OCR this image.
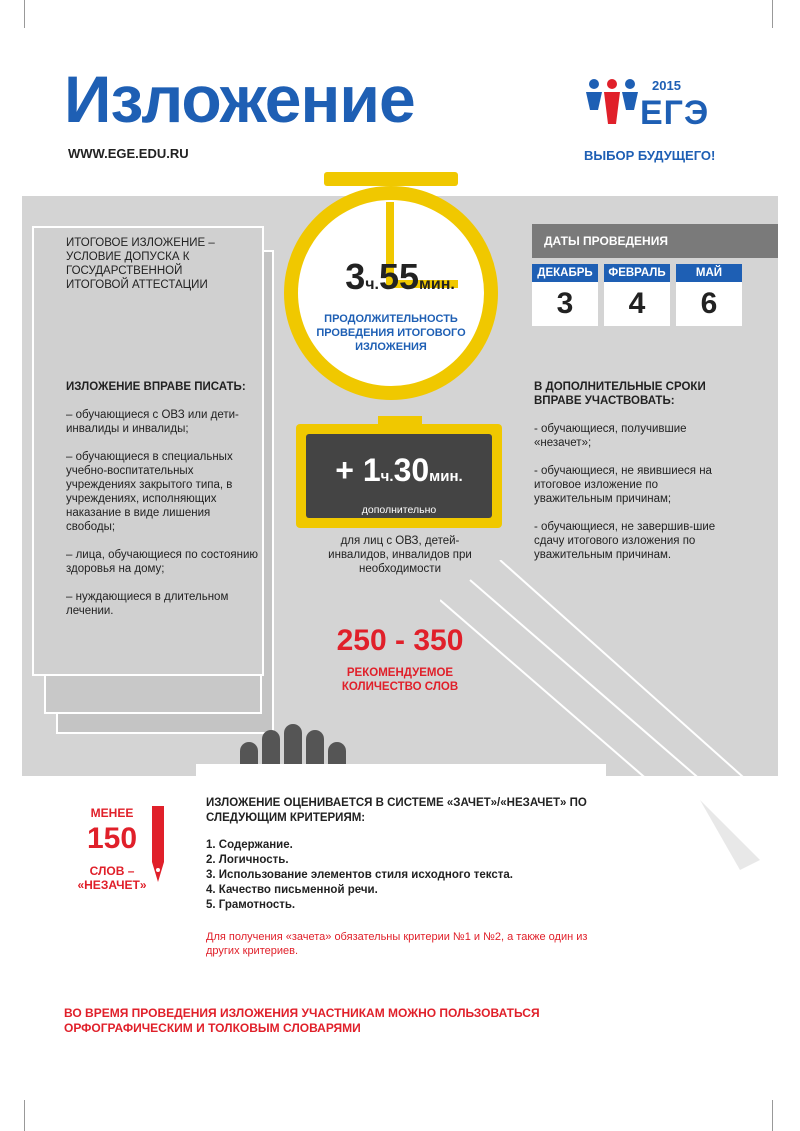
Изложение
WWW.EGE.EDU.RU
2015
ЕГЭ
ВЫБОР БУДУЩЕГО!
ИТОГОВОЕ ИЗЛОЖЕНИЕ – УСЛОВИЕ ДОПУСКА К ГОСУДАРСТВЕННОЙ ИТОГОВОЙ АТТЕСТАЦИИ
ИЗЛОЖЕНИЕ ВПРАВЕ ПИСАТЬ:
– обучающиеся с ОВЗ или дети-инвалиды и инвалиды;
– обучающиеся в специальных учебно-воспитательных учреждениях закрытого типа, в учреждениях, исполняющих наказание в виде лишения свободы;
– лица, обучающиеся по состоянию здоровья на дому;
– нуждающиеся в длительном лечении.
3ч.55мин.
ПРОДОЛЖИТЕЛЬНОСТЬ ПРОВЕДЕНИЯ ИТОГОВОГО ИЗЛОЖЕНИЯ
+ 1ч.30мин.
дополнительно
для лиц с ОВЗ, детей-инвалидов, инвалидов при необходимости
250 - 350
РЕКОМЕНДУЕМОЕ КОЛИЧЕСТВО СЛОВ
ДАТЫ ПРОВЕДЕНИЯ
ДЕКАБРЬ
3
ФЕВРАЛЬ
4
МАЙ
6
В ДОПОЛНИТЕЛЬНЫЕ СРОКИ ВПРАВЕ УЧАСТВОВАТЬ:
- обучающиеся, получившие «незачет»;
- обучающиеся, не явившиеся на итоговое изложение по уважительным причинам;
- обучающиеся, не завершив-шие сдачу итогового изложения по уважительным причинам.
ИЗЛОЖЕНИЕ ОЦЕНИВАЕТСЯ В СИСТЕМЕ «ЗАЧЕТ»/«НЕЗАЧЕТ» ПО СЛЕДУЮЩИМ КРИТЕРИЯМ:
1. Содержание.
2. Логичность.
3. Использование элементов стиля исходного текста.
4. Качество письменной речи.
5. Грамотность.
Для получения «зачета» обязательны критерии №1 и №2, а также один из других критериев.
МЕНЕЕ
150
СЛОВ – «НЕЗАЧЕТ»
ВО ВРЕМЯ ПРОВЕДЕНИЯ ИЗЛОЖЕНИЯ УЧАСТНИКАМ МОЖНО ПОЛЬЗОВАТЬСЯ ОРФОГРАФИЧЕСКИМ И ТОЛКОВЫМ СЛОВАРЯМИ
